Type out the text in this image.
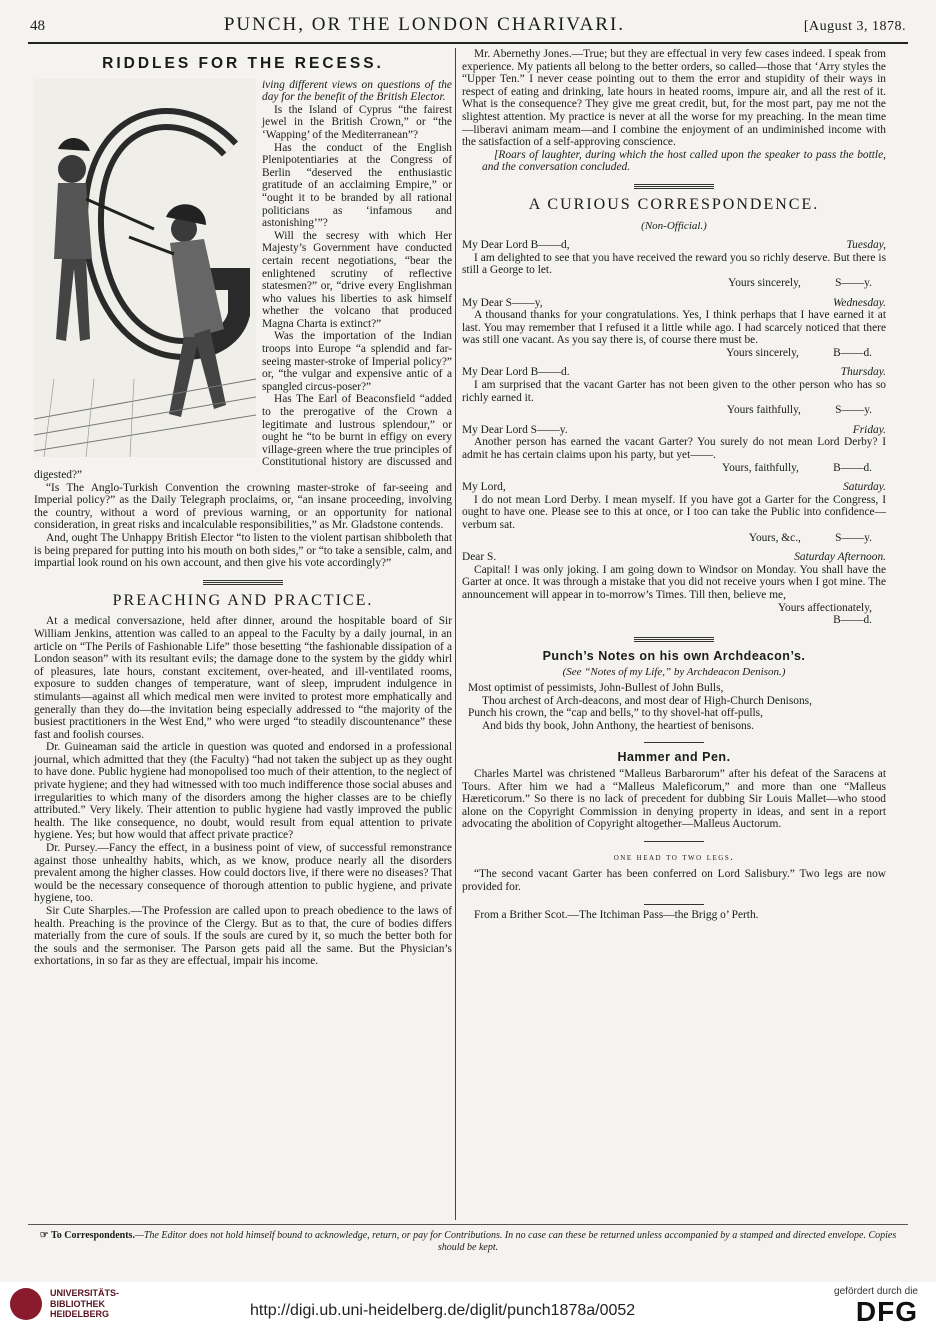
48	PUNCH, OR THE LONDON CHARIVARI.	[August 3, 1878.
RIDDLES FOR THE RECESS.

iving different views on questions of the day for the benefit of the British Elector.

Is the Island of Cyprus “the fairest jewel in the British Crown,” or “the ‘Wapping’ of the Mediterranean”?

Has the conduct of the English Plenipotentiaries at the Congress of Berlin “deserved the enthusiastic gratitude of an acclaiming Empire,” or “ought it to be branded by all rational politicians as ‘infamous and astonishing’”?

Will the secresy with which Her Majesty’s Government have conducted certain recent negotiations, “bear the enlightened scrutiny of reflective statesmen?” or, “drive every Englishman who values his liberties to ask himself whether the volcano that produced Magna Charta is extinct?”

Was the importation of the Indian troops into Europe “a splendid and far-seeing master-stroke of Imperial policy?” or, “the vulgar and expensive antic of a spangled circus-poser?”

Has The Earl of Beaconsfield “added to the prerogative of the Crown a legitimate and lustrous splendour,” or ought he “to be burnt in effigy on every village-green where the true principles of Constitutional history are discussed and digested?”

“Is The Anglo-Turkish Convention the crowning master-stroke of far-seeing and Imperial policy?” as the Daily Telegraph proclaims, or, “an insane proceeding, involving the country, without a word of previous warning, or an opportunity for national consideration, in great risks and incalculable responsibilities,” as Mr. Gladstone contends.

And, ought The Unhappy British Elector “to listen to the violent partisan shibboleth that is being prepared for putting into his mouth on both sides,” or “to take a sensible, calm, and impartial look round on his own account, and then give his vote accordingly?”

PREACHING AND PRACTICE.

At a medical conversazione, held after dinner, around the hospitable board of Sir William Jenkins, attention was called to an appeal to the Faculty by a daily journal, in an article on “The Perils of Fashionable Life” those besetting “the fashionable dissipation of a London season” with its resultant evils; the damage done to the system by the giddy whirl of pleasures, late hours, constant excitement, over-heated, and ill-ventilated rooms, exposure to sudden changes of temperature, want of sleep, imprudent indulgence in stimulants—against all which medical men were invited to protest more emphatically and generally than they do—the invitation being especially addressed to “the majority of the busiest practitioners in the West End,” who were urged “to steadily discountenance” these fast and foolish courses.

Dr. Guineaman said the article in question was quoted and endorsed in a professional journal, which admitted that they (the Faculty) “had not taken the subject up as they ought to have done. Public hygiene had monopolised too much of their attention, to the neglect of private hygiene; and they had witnessed with too much indifference those social abuses and irregularities to which many of the disorders among the higher classes are to be chiefly attributed.” Very likely. Their attention to public hygiene had vastly improved the public health. The like consequence, no doubt, would result from equal attention to private hygiene. Yes; but how would that affect private practice?

Dr. Pursey.—Fancy the effect, in a business point of view, of successful remonstrance against those unhealthy habits, which, as we know, produce nearly all the disorders prevalent among the higher classes. How could doctors live, if there were no diseases? That would be the necessary consequence of thorough attention to public hygiene, and private hygiene, too.

Sir Cute Sharples.—The Profession are called upon to preach obedience to the laws of health. Preaching is the province of the Clergy. But as to that, the cure of bodies differs materially from the cure of souls. If the souls are cured by it, so much the better both for the souls and the sermoniser. The Parson gets paid all the same. But the Physician’s exhortations, in so far as they are effectual, impair his income.

Mr. Abernethy Jones.—True; but they are effectual in very few cases indeed. I speak from experience. My patients all belong to the better orders, so called—those that ‘Arry styles the “Upper Ten.” I never cease pointing out to them the error and stupidity of their ways in respect of eating and drinking, late hours in heated rooms, impure air, and all the rest of it. What is the consequence? They give me great credit, but, for the most part, pay me not the slightest attention. My practice is never at all the worse for my preaching. In the mean time—liberavi animam meam—and I combine the enjoyment of an undiminished income with the satisfaction of a self-approving conscience.

[Roars of laughter, during which the host called upon the speaker to pass the bottle, and the conversation concluded.

A CURIOUS CORRESPONDENCE.
(Non-Official.)
My Dear Lord B——d,	Tuesday,

I am delighted to see that you have received the reward you so richly deserve. But there is still a George to let.

Yours sincerely,   S——y.
My Dear S——y,	Wednesday.

A thousand thanks for your congratulations. Yes, I think perhaps that I have earned it at last. You may remember that I refused it a little while ago. I had scarcely noticed that there was still one vacant. As you say there is, of course there must be.

Yours sincerely,   B——d.
My Dear Lord B——d.	Thursday.

I am surprised that the vacant Garter has not been given to the other person who has so richly earned it.

Yours faithfully,   S——y.
My Dear Lord S——y.	Friday.

Another person has earned the vacant Garter? You surely do not mean Lord Derby? I admit he has certain claims upon his party, but yet——.

Yours, faithfully,   B——d.
My Lord,	Saturday.

I do not mean Lord Derby. I mean myself. If you have got a Garter for the Congress, I ought to have one. Please see to this at once, or I too can take the Public into confidence—verbum sat.

Yours, &c.,   S——y.
Dear S.	Saturday Afternoon.

Capital! I was only joking. I am going down to Windsor on Monday. You shall have the Garter at once. It was through a mistake that you did not receive yours when I got mine. The announcement will appear in to-morrow’s Times. Till then, believe me,

Yours affectionately,
      B——d.
Punch’s Notes on his own Archdeacon’s.
(See “Notes of my Life,” by Archdeacon Denison.)
Most optimist of pessimists, John-Bullest of John Bulls,
Thou archest of Arch-deacons, and most dear of High-Church Denisons,
Punch his crown, the “cap and bells,” to thy shovel-hat off-pulls,
And bids thy book, John Anthony, the heartiest of benisons.
Hammer and Pen.

Charles Martel was christened “Malleus Barbarorum” after his defeat of the Saracens at Tours. After him we had a “Malleus Maleficorum,” and more than one “Malleus Hæreticorum.” So there is no lack of precedent for dubbing Sir Louis Mallet—who stood alone on the Copyright Commission in denying property in ideas, and sent in a report advocating the abolition of Copyright altogether—Malleus Auctorum.

one head to two legs.

“The second vacant Garter has been conferred on Lord Salisbury.” Two legs are now provided for.

From a Brither Scot.—The Itchiman Pass—the Brigg o’ Perth.

☞ To Correspondents.—The Editor does not hold himself bound to acknowledge, return, or pay for Contributions. In no case can these be returned unless accompanied by a stamped and directed envelope. Copies should be kept.
UNIVERSITÄTS-
BIBLIOTHEK
HEIDELBERG	http://digi.ub.uni-heidelberg.de/diglit/punch1878a/0052
gefördert durch die
DFG
